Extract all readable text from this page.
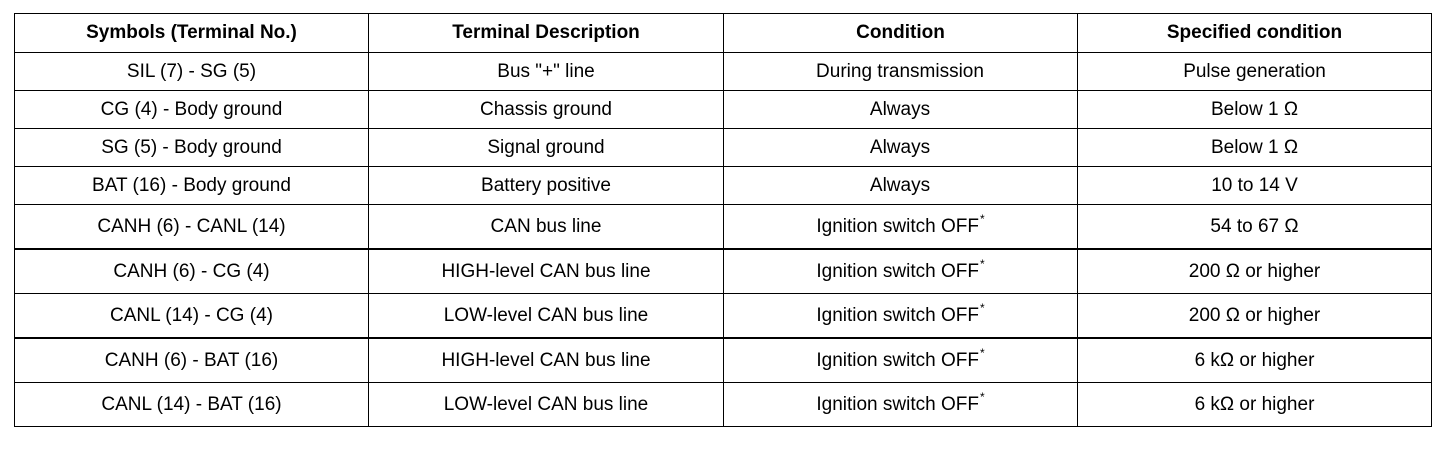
Symbols (Terminal No.)	Terminal Description	Condition	Specified condition
SIL (7) - SG (5)	Bus "+" line	During transmission	Pulse generation
CG (4) - Body ground	Chassis ground	Always	Below 1 Ω
SG (5) - Body ground	Signal ground	Always	Below 1 Ω
BAT (16) - Body ground	Battery positive	Always	10 to 14 V
CANH (6) - CANL (14)	CAN bus line	Ignition switch OFF*	54 to 67 Ω
CANH (6) - CG (4)	HIGH-level CAN bus line	Ignition switch OFF*	200 Ω or higher
CANL (14) - CG (4)	LOW-level CAN bus line	Ignition switch OFF*	200 Ω or higher
CANH (6) - BAT (16)	HIGH-level CAN bus line	Ignition switch OFF*	6 kΩ or higher
CANL (14) - BAT (16)	LOW-level CAN bus line	Ignition switch OFF*	6 kΩ or higher
